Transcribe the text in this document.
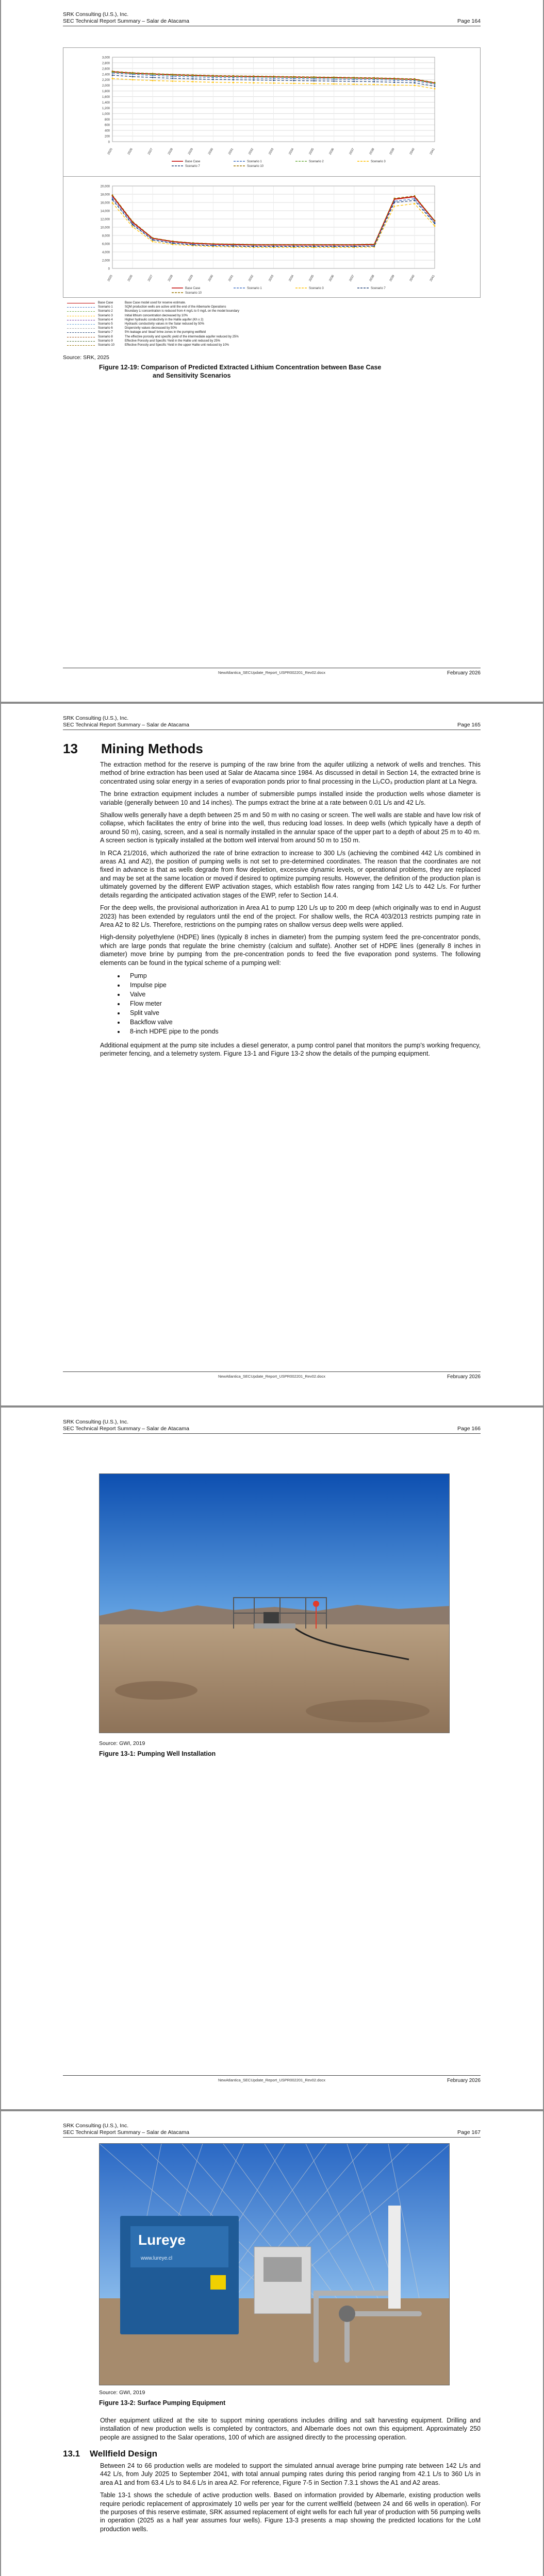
SRK Consulting (U.S.), Inc.
SEC Technical Report Summary – Salar de Atacama	Page 164
0
200
400
600
800
1,000
1,200
1,400
1,600
1,800
2,000
2,200
2,400
2,600
2,800
3,000
2025	2026	2027	2028	2029	2030	2031	2032	2033	2034	2035	2036	2037	2038	2039	2040	2041
Base Case	Scenario 1	Scenario 2	Scenario 3
Scenario 7	Scenario 10
0
2,000
4,000
6,000
8,000
10,000
12,000
14,000
16,000
18,000
20,000
2025	2026	2027	2028	2029	2030	2031	2032	2033	2034	2035	2036	2037	2038	2039	2040	2041
Base Case	Scenario 1	Scenario 3	Scenario 7
Scenario 10
Base Case	Base Case model used for reserve estimate.
Scenario 1	SQM production wells are active until the end of the Albemarle Operations
Scenario 2	Boundary Li concentration is reduced from 4 mg/L to 0 mg/L on the model boundary
Scenario 3	Initial lithium concentration decreased by 10%
Scenario 4	Higher hydraulic conductivity in the Halite aquifer (Kh x 2)
Scenario 5	Hydraulic conductivity values in the Salar reduced by 50%
Scenario 6	Dispersivity values decreased by 50%
Scenario 7	5% leakage and 'dead' brine zones in the pumping wellfield
Scenario 8	The effective porosity and specific yield of the intermediate aquifer reduced by 25%
Scenario 9	Effective Porosity and Specific Yield in the Halite unit reduced by 25%
Scenario 10	Effective Porosity and Specific Yield in the upper Halite unit reduced by 10%
Source: SRK, 2025
Figure 12-19: Comparison of Predicted Extracted Lithium Concentration between Base Case
and Sensitivity Scenarios
NewAtlantica_SECUpdate_Report_USPR002201_Rev02.docx	February 2026
SRK Consulting (U.S.), Inc.
SEC Technical Report Summary – Salar de Atacama	Page 165
13 Mining Methods

The extraction method for the reserve is pumping of the raw brine from the aquifer utilizing a network of wells and trenches. This method of brine extraction has been used at Salar de Atacama since 1984. As discussed in detail in Section 14, the extracted brine is concentrated using solar energy in a series of evaporation ponds prior to final processing in the Li₂CO₃ production plant at La Negra.

The brine extraction equipment includes a number of submersible pumps installed inside the production wells whose diameter is variable (generally between 10 and 14 inches). The pumps extract the brine at a rate between 0.01 L/s and 42 L/s.

Shallow wells generally have a depth between 25 m and 50 m with no casing or screen. The well walls are stable and have low risk of collapse, which facilitates the entry of brine into the well, thus reducing load losses. In deep wells (which typically have a depth of around 50 m), casing, screen, and a seal is normally installed in the annular space of the upper part to a depth of about 25 m to 40 m. A screen section is typically installed at the bottom well interval from around 50 m to 150 m.

In RCA 21/2016, which authorized the rate of brine extraction to increase to 300 L/s (achieving the combined 442 L/s combined in areas A1 and A2), the position of pumping wells is not set to pre-determined coordinates. The reason that the coordinates are not fixed in advance is that as wells degrade from flow depletion, excessive dynamic levels, or operational problems, they are replaced and may be set at the same location or moved if desired to optimize pumping results. However, the definition of the production plan is ultimately governed by the different EWP activation stages, which establish flow rates ranging from 142 L/s to 442 L/s. For further details regarding the anticipated activation stages of the EWP, refer to Section 14.4.

For the deep wells, the provisional authorization in Area A1 to pump 120 L/s up to 200 m deep (which originally was to end in August 2023) has been extended by regulators until the end of the project. For shallow wells, the RCA 403/2013 restricts pumping rate in Area A2 to 82 L/s. Therefore, restrictions on the pumping rates on shallow versus deep wells were applied.

High-density polyethylene (HDPE) lines (typically 8 inches in diameter) from the pumping system feed the pre-concentrator ponds, which are large ponds that regulate the brine chemistry (calcium and sulfate). Another set of HDPE lines (generally 8 inches in diameter) move brine by pumping from the pre-concentration ponds to feed the five evaporation pond systems. The following elements can be found in the typical scheme of a pumping well:

• Pump
• Impulse pipe
• Valve
• Flow meter
• Split valve
• Backflow valve
• 8-inch HDPE pipe to the ponds

Additional equipment at the pump site includes a diesel generator, a pump control panel that monitors the pump's working frequency, perimeter fencing, and a telemetry system. Figure 13-1 and Figure 13-2 show the details of the pumping equipment.

NewAtlantica_SECUpdate_Report_USPR002201_Rev02.docx	February 2026
SRK Consulting (U.S.), Inc.
SEC Technical Report Summary – Salar de Atacama	Page 166
Source: GWI, 2019
Figure 13-1: Pumping Well Installation
NewAtlantica_SECUpdate_Report_USPR002201_Rev02.docx	February 2026
SRK Consulting (U.S.), Inc.
SEC Technical Report Summary – Salar de Atacama	Page 167
Lureye
www.lureye.cl
Source: GWI, 2019
Figure 13-2: Surface Pumping Equipment

Other equipment utilized at the site to support mining operations includes drilling and salt harvesting equipment. Drilling and installation of new production wells is completed by contractors, and Albemarle does not own this equipment. Approximately 250 people are assigned to the Salar operations, 100 of which are assigned directly to the processing operation.

13.1 Wellfield Design

Between 24 to 66 production wells are modeled to support the simulated annual average brine pumping rate between 142 L/s and 442 L/s, from July 2025 to September 2041, with total annual pumping rates during this period ranging from 42.1 L/s to 360 L/s in area A1 and from 63.4 L/s to 84.6 L/s in area A2. For reference, Figure 7-5 in Section 7.3.1 shows the A1 and A2 areas.

Table 13-1 shows the schedule of active production wells. Based on information provided by Albemarle, existing production wells require periodic replacement of approximately 10 wells per year for the current wellfield (between 24 and 66 wells in operation). For the purposes of this reserve estimate, SRK assumed replacement of eight wells for each full year of production with 56 pumping wells in operation (2025 as a half year assumes four wells). Figure 13-3 presents a map showing the predicted locations for the LoM production wells.
